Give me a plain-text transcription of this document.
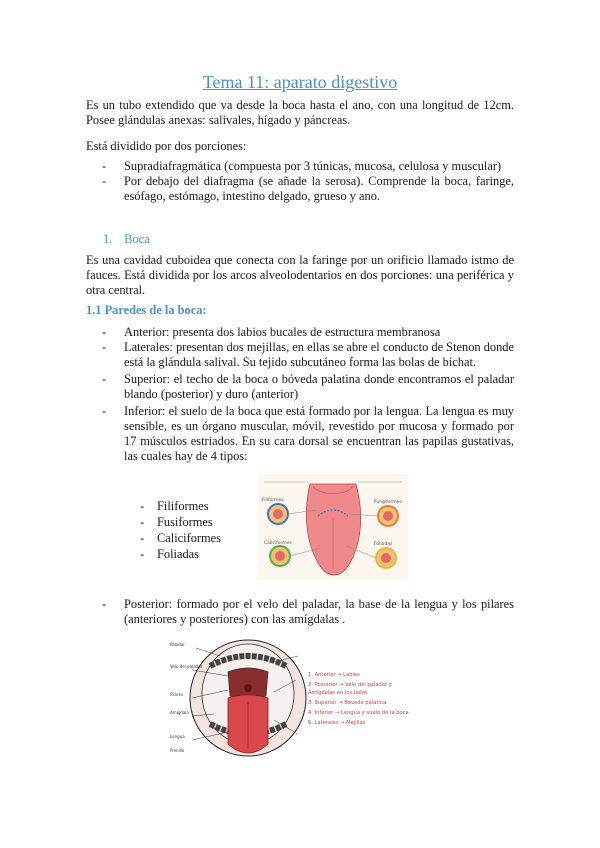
Tema 11: aparato digestivo

Es un tubo extendido que va desde la boca hasta el ano, con una longitud de 12cm. Posee glándulas anexas: salivales, hígado y páncreas.

Está dividido por dos porciones:

- Supradiafragmática (compuesta por 3 túnicas, mucosa, celulosa y muscular)
- Por debajo del diafragma (se añade la serosa). Comprende la boca, faringe, esófago, estómago, intestino delgado, grueso y ano.
1. Boca

Es una cavidad cuboidea que conecta con la faringe por un orificio llamado istmo de fauces. Está dividida por los arcos alveolodentarios en dos porciones: una periférica y otra central.

1.1 Paredes de la boca:
- Anterior: presenta dos labios bucales de estructura membranosa
- Laterales: presentan dos mejillas, en ellas se abre el conducto de Stenon donde está la glándula salival. Su tejido subcutáneo forma las bolas de bichat.
- Superior: el techo de la boca o bóveda palatina donde encontramos el paladar blando (posterior) y duro (anterior)
- Inferior: el suelo de la boca que está formado por la lengua. La lengua es muy sensible, es un órgano muscular, móvil, revestido por mucosa y formado por 17 músculos estriados. En su cara dorsal se encuentran las papilas gustativas, las cuales hay de 4 tipos:
- Filiformes
- Fusiformes
- Caliciformes
- Foliadas
Filiformes	Fungiformes
Caliciformes	Foliadas
- Posterior: formado por el velo del paladar, la base de la lengua y los pilares (anteriores y posteriores) con las amígdalas .
Paladar
Velo del paladar
Pilares
Amígdala
Lengua
Frenillo
1. Anterior → Labios
2. Posterior → Velo del paladar y
Amígdalas en los lados
3. Superior → Bóveda palatina
4. Inferior → Lengua y suelo de la boca
5. Laterales → Mejillas
